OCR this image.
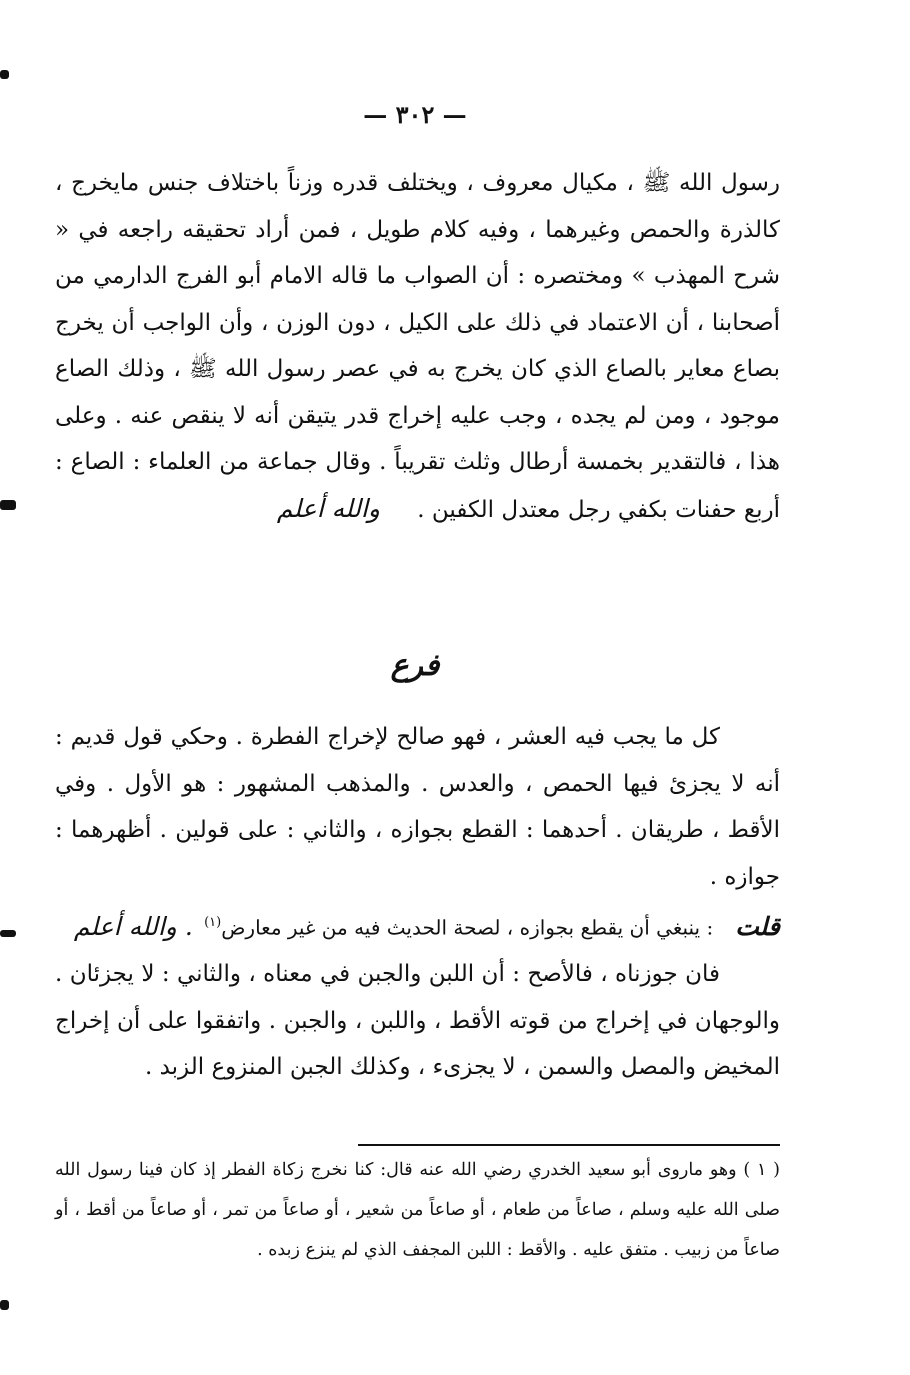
— ٣٠٢ —

رسول الله ﷺ ، مكيال معروف ، ويختلف قدره وزناً باختلاف جنس مايخرج ، كالذرة والحمص وغيرهما ، وفيه كلام طويل ، فمن أراد تحقيقه راجعه في « شرح المهذب » ومختصره : أن الصواب ما قاله الامام أبو الفرج الدارمي من أصحابنا ، أن الاعتماد في ذلك على الكيل ، دون الوزن ، وأن الواجب أن يخرج بصاع معاير بالصاع الذي كان يخرج به في عصر رسول الله ﷺ ، وذلك الصاع موجود ، ومن لم يجده ، وجب عليه إخراج قدر يتيقن أنه لا ينقص عنه . وعلى هذا ، فالتقدير بخمسة أرطال وثلث تقريباً . وقال جماعة من العلماء : الصاع : أربع حفنات بكفي رجل معتدل الكفين . والله أعلم

فرع

كل ما يجب فيه العشر ، فهو صالح لإخراج الفطرة . وحكي قول قديم : أنه لا يجزئ فيها الحمص ، والعدس . والمذهب المشهور : هو الأول . وفي الأقط ، طريقان . أحدهما : القطع بجوازه ، والثاني : على قولين . أظهرهما : جوازه .

قلت: ينبغي أن يقطع بجوازه ، لصحة الحديث فيه من غير معارض$^{(١)}$ . والله أعلم

فان جوزناه ، فالأصح : أن اللبن والجبن في معناه ، والثاني : لا يجزئان . والوجهان في إخراج من قوته الأقط ، واللبن ، والجبن . واتفقوا على أن إخراج المخيض والمصل والسمن ، لا يجزىء ، وكذلك الجبن المنزوع الزبد .

( ١ ) وهو ماروى أبو سعيد الخدري رضي الله عنه قال: كنا نخرج زكاة الفطر إذ كان فينا رسول الله صلى الله عليه وسلم ، صاعاً من طعام ، أو صاعاً من شعير ، أو صاعاً من تمر ، أو صاعاً من أقط ، أو صاعاً من زبيب . متفق عليه . والأقط : اللبن المجفف الذي لم ينزع زبده .
